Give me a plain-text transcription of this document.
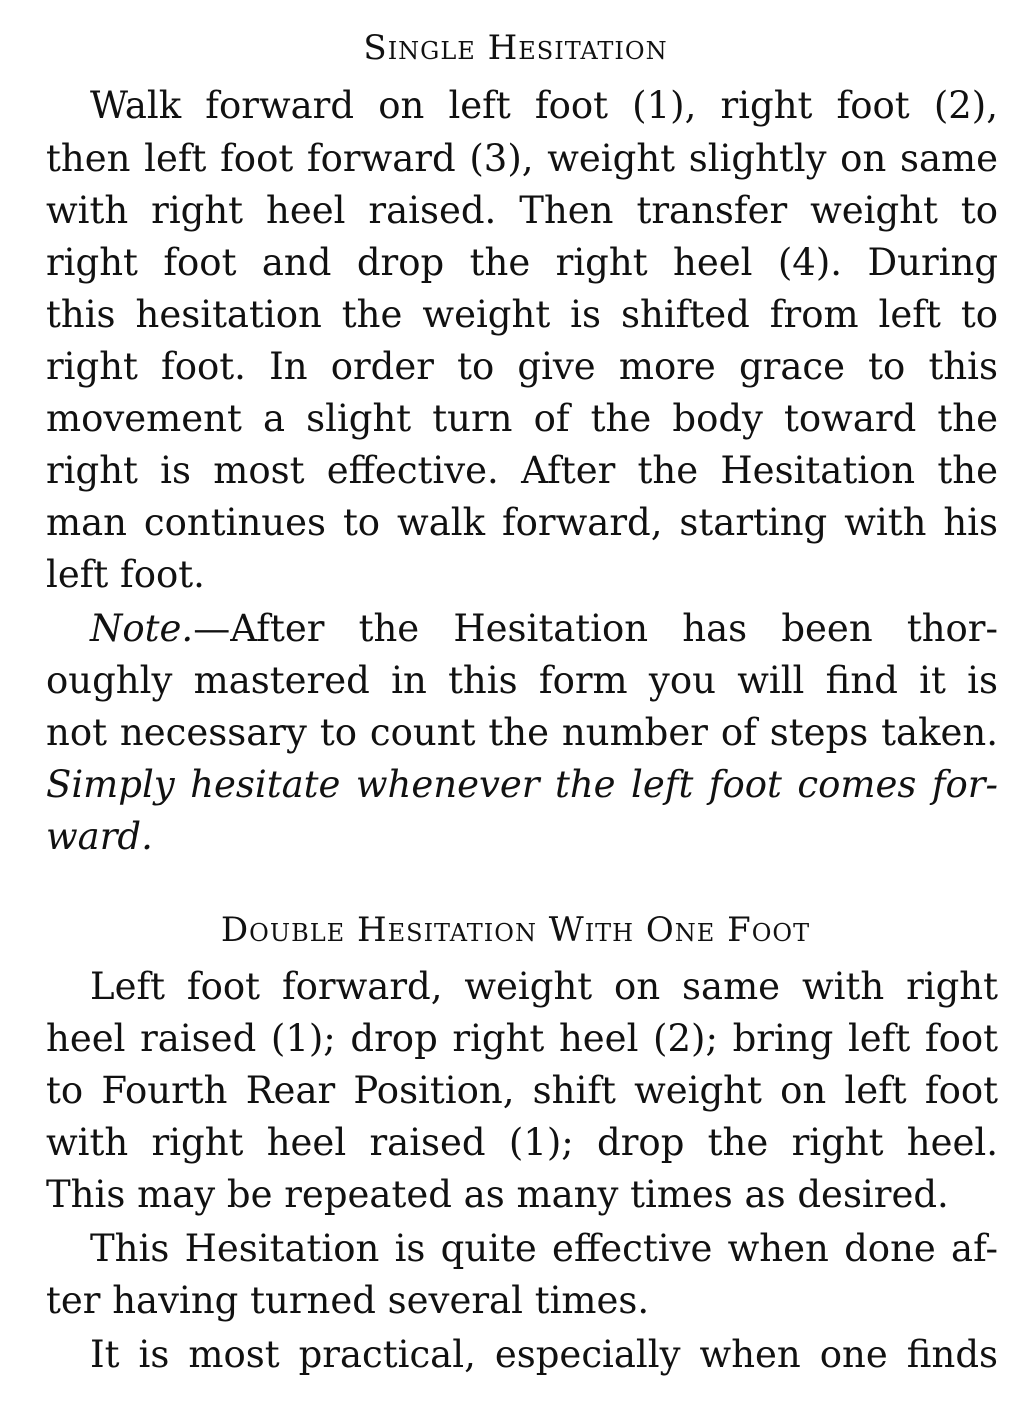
Single Hesitation
Walk forward on left foot (1), right foot (2),
then left foot forward (3), weight slightly on same
with right heel raised. Then transfer weight to
right foot and drop the right heel (4). During
this hesitation the weight is shifted from left to
right foot. In order to give more grace to this
movement a slight turn of the body toward the
right is most effective. After the Hesitation the
man continues to walk forward, starting with his
left foot.
Note.—After the Hesitation has been thor-
oughly mastered in this form you will find it is
not necessary to count the number of steps taken.
Simply hesitate whenever the left foot comes for-
ward.
Double Hesitation With One Foot
Left foot forward, weight on same with right
heel raised (1); drop right heel (2); bring left foot
to Fourth Rear Position, shift weight on left foot
with right heel raised (1); drop the right heel.
This may be repeated as many times as desired.
This Hesitation is quite effective when done af-
ter having turned several times.
It is most practical, especially when one finds
